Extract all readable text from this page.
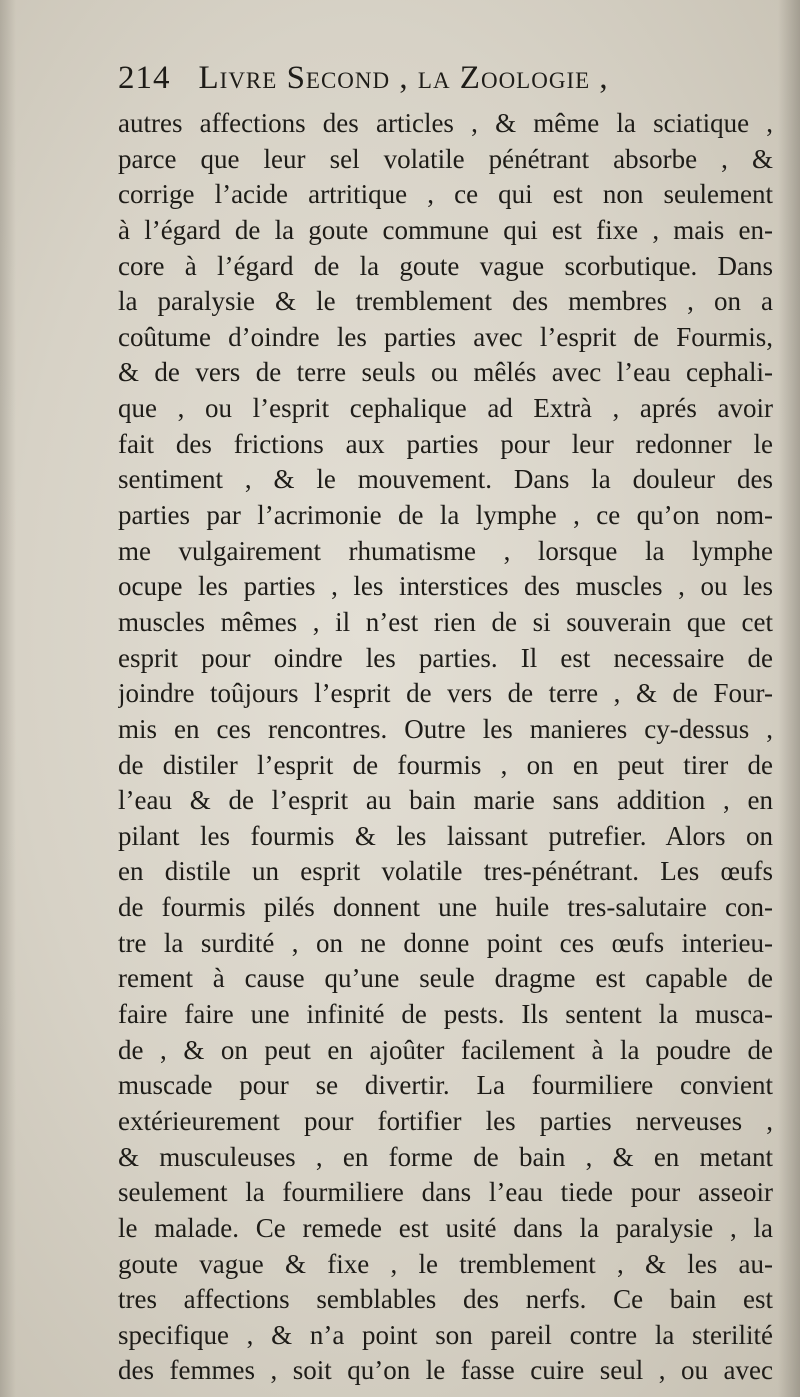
214 Livre Second , la Zoologie ,
autres affections des articles , & même la sciatique ,
parce que leur sel volatile pénétrant absorbe , &
corrige l’acide artritique , ce qui est non seulement
à l’égard de la goute commune qui est fixe , mais en-
core à l’égard de la goute vague scorbutique. Dans
la paralysie & le tremblement des membres , on a
coûtume d’oindre les parties avec l’esprit de Fourmis,
& de vers de terre seuls ou mêlés avec l’eau cephali-
que , ou l’esprit cephalique ad Extrà , aprés avoir
fait des frictions aux parties pour leur redonner le
sentiment , & le mouvement. Dans la douleur des
parties par l’acrimonie de la lymphe , ce qu’on nom-
me vulgairement rhumatisme , lorsque la lymphe
ocupe les parties , les interstices des muscles , ou les
muscles mêmes , il n’est rien de si souverain que cet
esprit pour oindre les parties. Il est necessaire de
joindre toûjours l’esprit de vers de terre , & de Four-
mis en ces rencontres. Outre les manieres cy-dessus ,
de distiler l’esprit de fourmis , on en peut tirer de
l’eau & de l’esprit au bain marie sans addition , en
pilant les fourmis & les laissant putrefier. Alors on
en distile un esprit volatile tres-pénétrant. Les œufs
de fourmis pilés donnent une huile tres-salutaire con-
tre la surdité , on ne donne point ces œufs interieu-
rement à cause qu’une seule dragme est capable de
faire faire une infinité de pests. Ils sentent la musca-
de , & on peut en ajoûter facilement à la poudre de
muscade pour se divertir. La fourmiliere convient
extérieurement pour fortifier les parties nerveuses ,
& musculeuses , en forme de bain , & en metant
seulement la fourmiliere dans l’eau tiede pour asseoir
le malade. Ce remede est usité dans la paralysie , la
goute vague & fixe , le tremblement , & les au-
tres affections semblables des nerfs. Ce bain est
specifique , & n’a point son pareil contre la sterilité
des femmes , soit qu’on le fasse cuire seul , ou avec
